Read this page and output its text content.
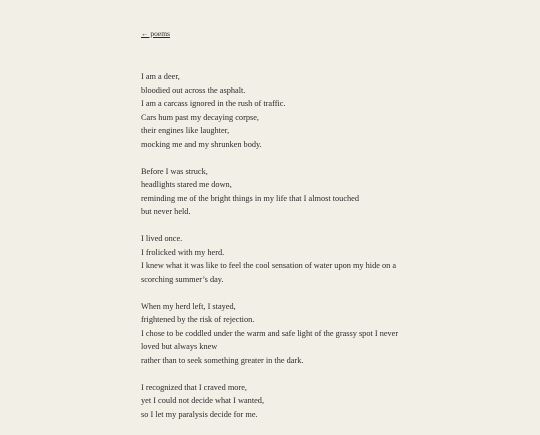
← poems
I am a deer,
bloodied out across the asphalt.
I am a carcass ignored in the rush of traffic.
Cars hum past my decaying corpse,
their engines like laughter,
mocking me and my shrunken body.
Before I was struck,
headlights stared me down,
reminding me of the bright things in my life that I almost touched
but never held.
I lived once.
I frolicked with my herd.
I knew what it was like to feel the cool sensation of water upon my hide on a
scorching summer’s day.
When my herd left, I stayed,
frightened by the risk of rejection.
I chose to be coddled under the warm and safe light of the grassy spot I never
loved but always knew
rather than to seek something greater in the dark.
I recognized that I craved more,
yet I could not decide what I wanted,
so I let my paralysis decide for me.
